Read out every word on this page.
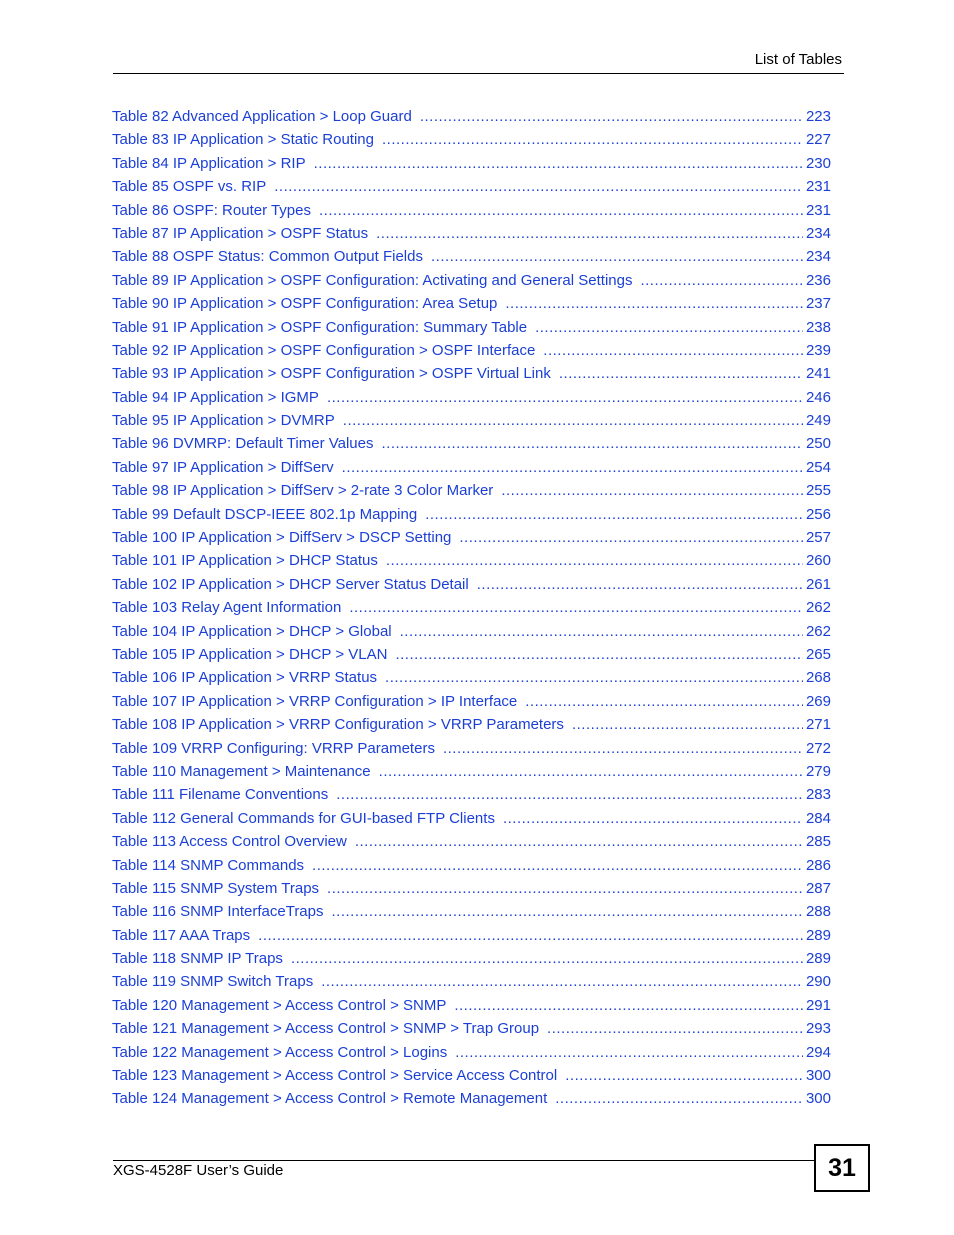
List of Tables
Table 82 Advanced Application > Loop Guard .....	223
Table 83 IP Application > Static Routing .....	227
Table 84 IP Application > RIP .....	230
Table 85 OSPF vs. RIP .....	231
Table 86 OSPF: Router Types .....	231
Table 87 IP Application > OSPF Status .....	234
Table 88 OSPF Status: Common Output Fields .....	234
Table 89 IP Application > OSPF Configuration: Activating and General Settings .....	236
Table 90 IP Application > OSPF Configuration: Area Setup .....	237
Table 91 IP Application > OSPF Configuration: Summary Table .....	238
Table 92 IP Application > OSPF Configuration > OSPF Interface .....	239
Table 93 IP Application > OSPF Configuration > OSPF Virtual Link .....	241
Table 94 IP Application > IGMP .....	246
Table 95 IP Application > DVMRP .....	249
Table 96 DVMRP: Default Timer Values .....	250
Table 97 IP Application > DiffServ .....	254
Table 98 IP Application > DiffServ > 2-rate 3 Color Marker .....	255
Table 99 Default DSCP-IEEE 802.1p Mapping .....	256
Table 100 IP Application > DiffServ > DSCP Setting .....	257
Table 101 IP Application > DHCP Status .....	260
Table 102 IP Application > DHCP Server Status Detail .....	261
Table 103 Relay Agent Information .....	262
Table 104 IP Application > DHCP > Global .....	262
Table 105 IP Application > DHCP > VLAN .....	265
Table 106 IP Application > VRRP Status .....	268
Table 107 IP Application > VRRP Configuration > IP Interface .....	269
Table 108 IP Application > VRRP Configuration > VRRP Parameters .....	271
Table 109 VRRP Configuring: VRRP Parameters .....	272
Table 110 Management > Maintenance .....	279
Table 111 Filename Conventions .....	283
Table 112 General Commands for GUI-based FTP Clients .....	284
Table 113 Access Control Overview .....	285
Table 114 SNMP Commands .....	286
Table 115 SNMP System Traps .....	287
Table 116 SNMP InterfaceTraps .....	288
Table 117 AAA Traps .....	289
Table 118 SNMP IP Traps .....	289
Table 119 SNMP Switch Traps .....	290
Table 120 Management > Access Control > SNMP .....	291
Table 121 Management > Access Control > SNMP > Trap Group .....	293
Table 122 Management > Access Control > Logins .....	294
Table 123 Management > Access Control > Service Access Control .....	300
Table 124 Management > Access Control > Remote Management .....	300
XGS-4528F User’s Guide	31
